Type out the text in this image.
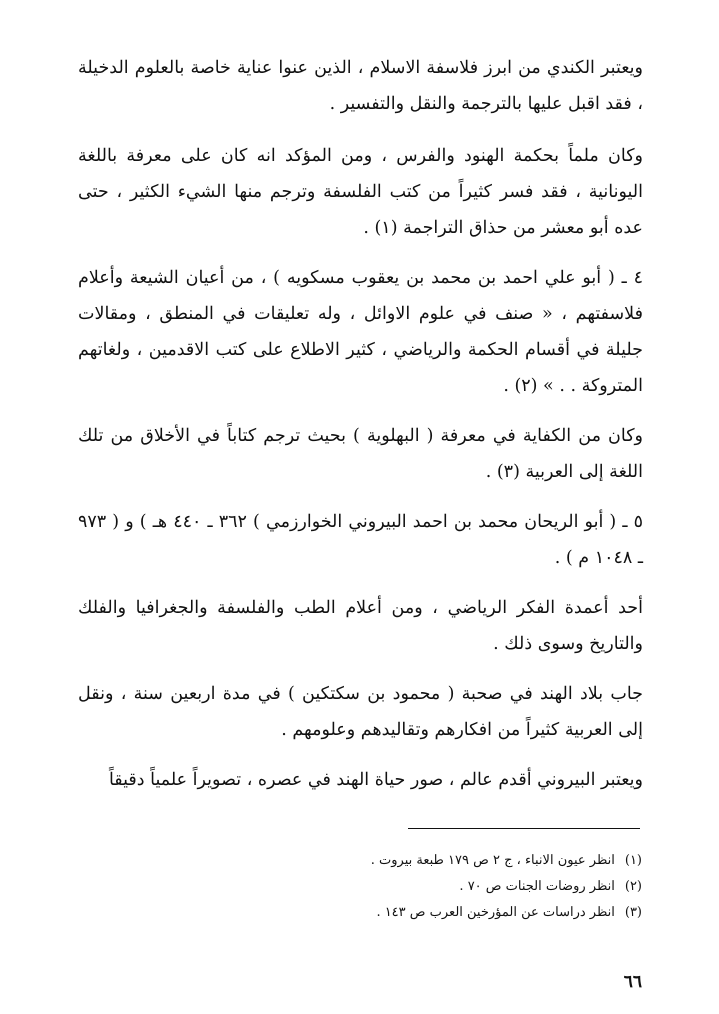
ويعتبر الكندي من ابرز فلاسفة الاسلام ، الذين عنوا عناية خاصة بالعلوم الدخيلة ، فقد اقبل عليها بالترجمة والنقل والتفسير .

وكان ملماً بحكمة الهنود والفرس ، ومن المؤكد انه كان على معرفة باللغة اليونانية ، فقد فسر كثيراً من كتب الفلسفة وترجم منها الشيء الكثير ، حتى عده أبو معشر من حذاق التراجمة (١) .

٤ ـ ( أبو علي احمد بن محمد بن يعقوب مسكويه ) ، من أعيان الشيعة وأعلام فلاسفتهم ، « صنف في علوم الاوائل ، وله تعليقات في المنطق ، ومقالات جليلة في أقسام الحكمة والرياضي ، كثير الاطلاع على كتب الاقدمين ، ولغاتهم المتروكة . . » (٢) .

وكان من الكفاية في معرفة ( البهلوية ) بحيث ترجم كتاباً في الأخلاق من تلك اللغة إلى العربية (٣) .

٥ ـ ( أبو الريحان محمد بن احمد البيروني الخوارزمي ) ٣٦٢ ـ ٤٤٠ هـ ) و ( ٩٧٣ ـ ١٠٤٨ م ) .

أحد أعمدة الفكر الرياضي ، ومن أعلام الطب والفلسفة والجغرافيا والفلك والتاريخ وسوى ذلك .

جاب بلاد الهند في صحبة ( محمود بن سكتكين ) في مدة اربعين سنة ، ونقل إلى العربية كثيراً من افكارهم وتقاليدهم وعلومهم .

ويعتبر البيروني أقدم عالم ، صور حياة الهند في عصره ، تصويراً علمياً دقيقاً

(١)انظر عيون الانباء ، ج ٢ ص ١٧٩ طبعة بيروت .
(٢)انظر روضات الجنات ص ٧٠ .
(٣)انظر دراسات عن المؤرخين العرب ص ١٤٣ .
٦٦
